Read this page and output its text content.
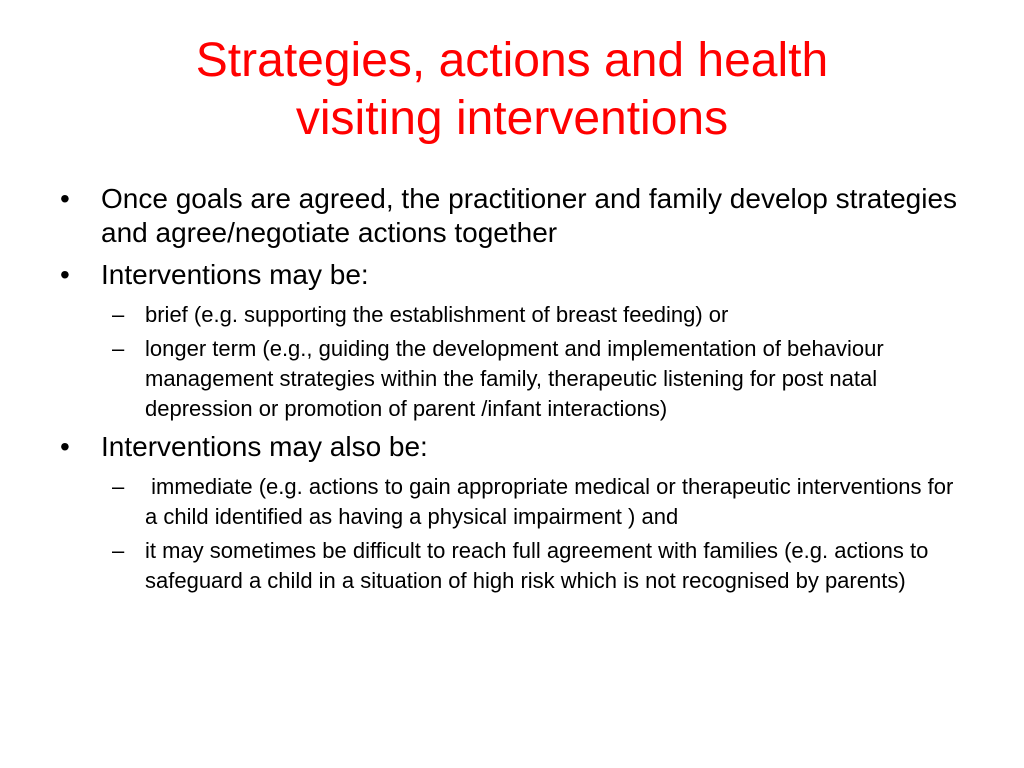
Strategies, actions and health
visiting interventions
•	Once goals are agreed, the practitioner and family develop strategies and agree/negotiate actions together
•	Interventions may be:
– brief (e.g. supporting the establishment of breast feeding) or
– longer term (e.g., guiding the development and implementation of behaviour management strategies within the family, therapeutic listening for post natal depression or promotion of parent /infant interactions)
•	Interventions may also be:
– immediate (e.g. actions to gain appropriate medical or therapeutic interventions for a child identified as having a physical impairment ) and
– it may sometimes be difficult to reach full agreement with families (e.g. actions to safeguard a child in a situation of high risk which is not recognised by parents)
